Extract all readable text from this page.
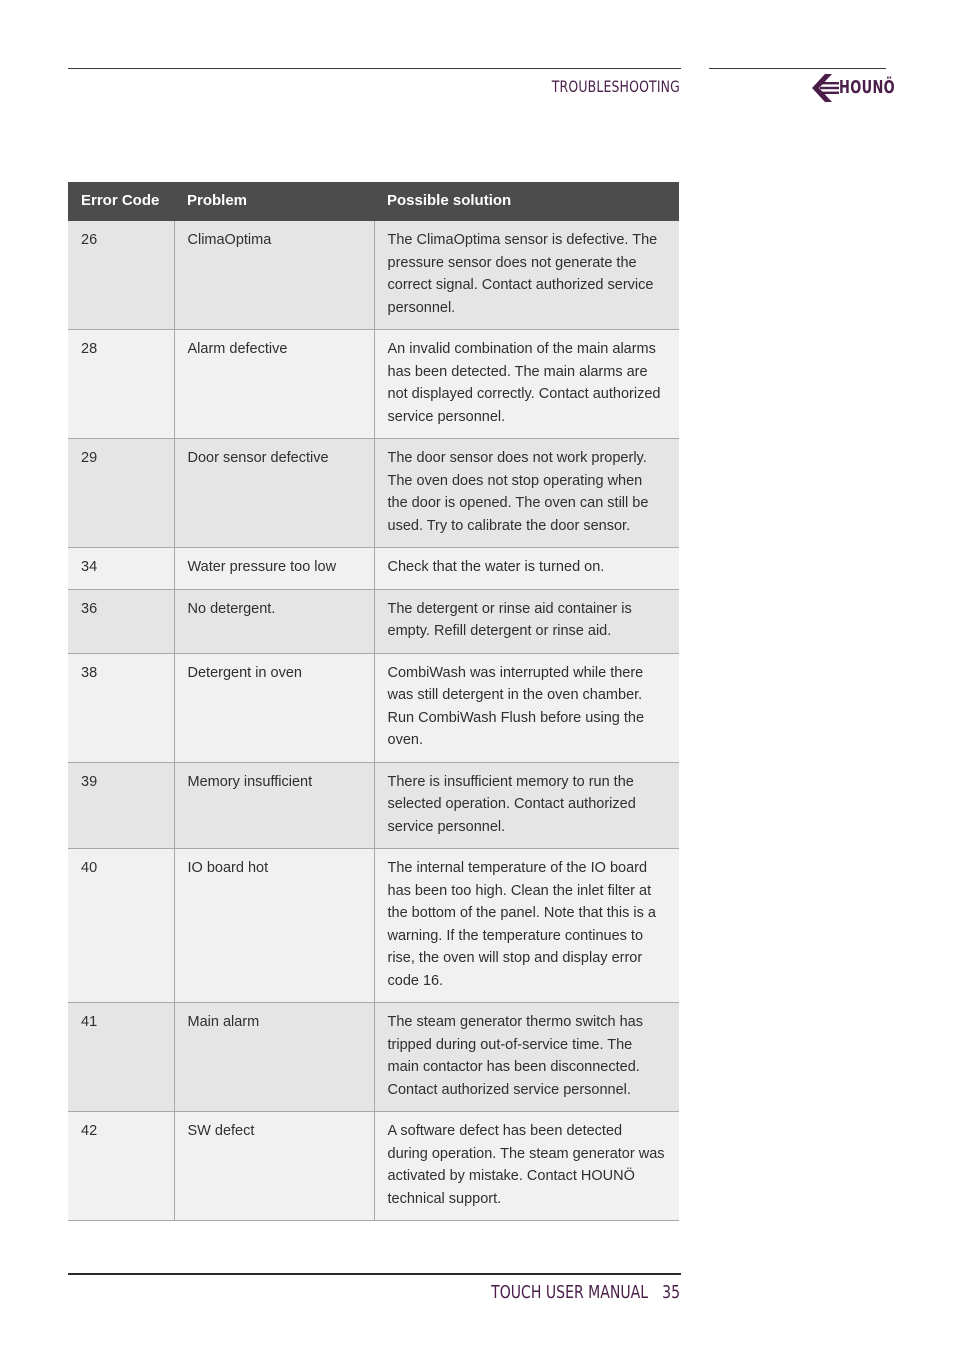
TROUBLESHOOTING	HOUNÖ
Error Code	Problem	Possible solution
26	ClimaOptima	The ClimaOptima sensor is defective. The pressure sensor does not generate the correct signal. Contact authorized service personnel.
28	Alarm defective	An invalid combination of the main alarms has been detected. The main alarms are not displayed correctly. Contact authorized service personnel.
29	Door sensor defective	The door sensor does not work properly. The oven does not stop operating when the door is opened. The oven can still be used. Try to calibrate the door sensor.
34	Water pressure too low	Check that the water is turned on.
36	No detergent.	The detergent or rinse aid container is empty. Refill detergent or rinse aid.
38	Detergent in oven	CombiWash was interrupted while there was still detergent in the oven chamber. Run CombiWash Flush before using the oven.
39	Memory insufficient	There is insufficient memory to run the selected operation. Contact authorized service personnel.
40	IO board hot	The internal temperature of the IO board has been too high. Clean the inlet filter at the bottom of the panel. Note that this is a warning. If the temperature continues to rise, the oven will stop and display error code 16.
41	Main alarm	The steam generator thermo switch has tripped during out-of-service time. The main contactor has been disconnected. Contact authorized service personnel.
42	SW defect	A software defect has been detected during operation. The steam generator was activated by mistake. Contact HOUNÖ technical support.
TOUCH USER MANUAL 35
